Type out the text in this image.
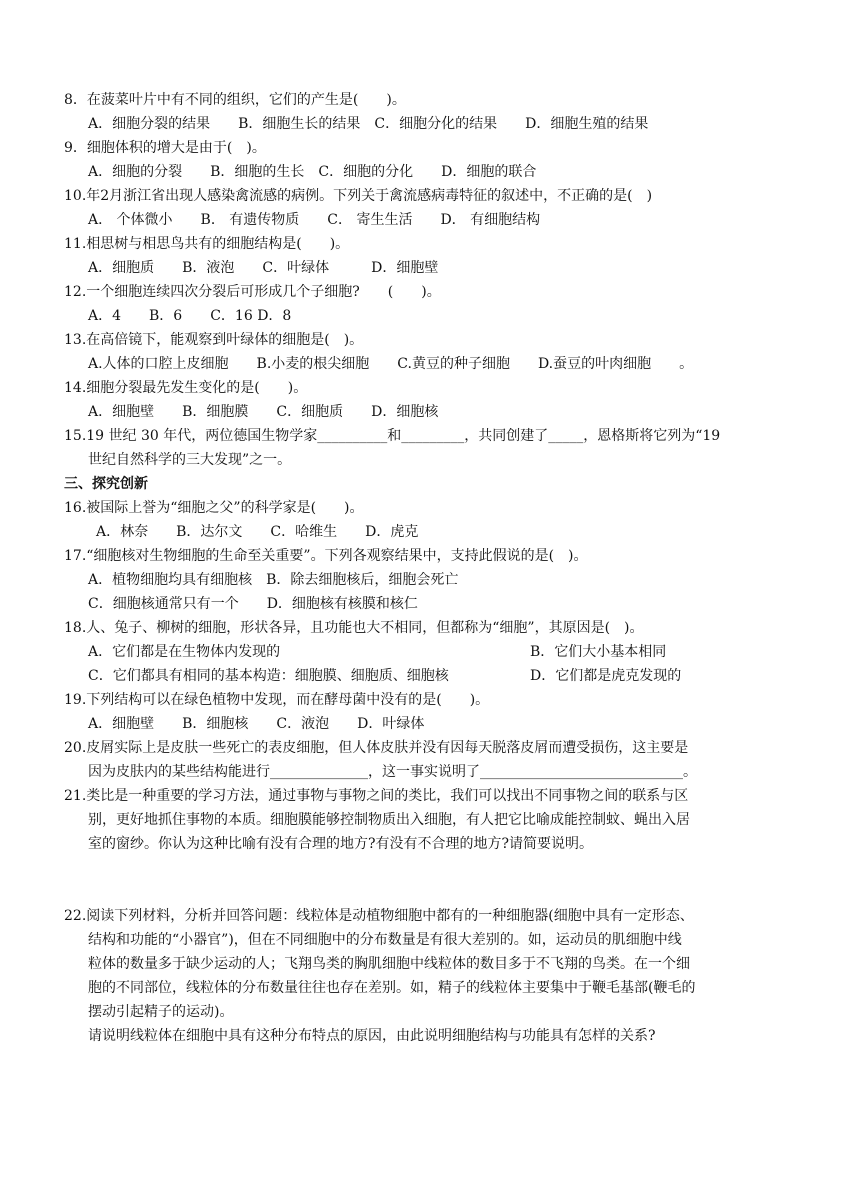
8．在菠菜叶片中有不同的组织，它们的产生是(　　)。
A．细胞分裂的结果　　B．细胞生长的结果　C．细胞分化的结果　　D．细胞生殖的结果
9．细胞体积的增大是由于(　)。
A．细胞的分裂　　B．细胞的生长　C．细胞的分化　　D．细胞的联合
10.年2月浙江省出现人感染禽流感的病例。下列关于禽流感病毒特征的叙述中，不正确的是(　)
A． 个体微小　　B． 有遗传物质　　C． 寄生生活　　D． 有细胞结构
11.相思树与相思鸟共有的细胞结构是(　　)。
A．细胞质　　B．液泡　　C．叶绿体　　　D．细胞壁
12.一个细胞连续四次分裂后可形成几个子细胞?　　(　　)。
A．4　　B．6　　C．16 D．8
13.在高倍镜下，能观察到叶绿体的细胞是(　)。
A.人体的口腔上皮细胞　　B.小麦的根尖细胞　　C.黄豆的种子细胞　　D.蚕豆的叶肉细胞　　。
14.细胞分裂最先发生变化的是(　　)。
A．细胞壁　　B．细胞膜　　C．细胞质　　D．细胞核
15.19 世纪 30 年代，两位德国生物学家__________和_________，共同创建了_____，恩格斯将它列为“19
世纪自然科学的三大发现”之一。
三、探究创新
16.被国际上誉为“细胞之父”的科学家是(　　)。
A．林奈　　B．达尔文　　C．哈维生　　D．虎克
17.“细胞核对生物细胞的生命至关重要”。下列各观察结果中，支持此假说的是(　)。
A．植物细胞均具有细胞核　B．除去细胞核后，细胞会死亡
C．细胞核通常只有一个　　D．细胞核有核膜和核仁
18.人、兔子、柳树的细胞，形状各异，且功能也大不相同，但都称为“细胞”，其原因是(　)。
A．它们都是在生物体内发现的	B．它们大小基本相同
C．它们都具有相同的基本构造：细胞膜、细胞质、细胞核	D．它们都是虎克发现的
19.下列结构可以在绿色植物中发现，而在酵母菌中没有的是(　　)。
A．细胞壁　　B．细胞核　　C．液泡　　D．叶绿体
20.皮屑实际上是皮肤一些死亡的表皮细胞，但人体皮肤并没有因每天脱落皮屑而遭受损伤，这主要是
因为皮肤内的某些结构能进行______________，这一事实说明了_____________________________。
21.类比是一种重要的学习方法，通过事物与事物之间的类比，我们可以找出不同事物之间的联系与区
别，更好地抓住事物的本质。细胞膜能够控制物质出入细胞，有人把它比喻成能控制蚊、蝇出入居
室的窗纱。你认为这种比喻有没有合理的地方?有没有不合理的地方?请简要说明。
22.阅读下列材料，分析并回答问题：线粒体是动植物细胞中都有的一种细胞器(细胞中具有一定形态、
结构和功能的“小器官”)，但在不同细胞中的分布数量是有很大差别的。如，运动员的肌细胞中线
粒体的数量多于缺少运动的人；飞翔鸟类的胸肌细胞中线粒体的数目多于不飞翔的鸟类。在一个细
胞的不同部位，线粒体的分布数量往往也存在差别。如，精子的线粒体主要集中于鞭毛基部(鞭毛的
摆动引起精子的运动)。
请说明线粒体在细胞中具有这种分布特点的原因，由此说明细胞结构与功能具有怎样的关系?
